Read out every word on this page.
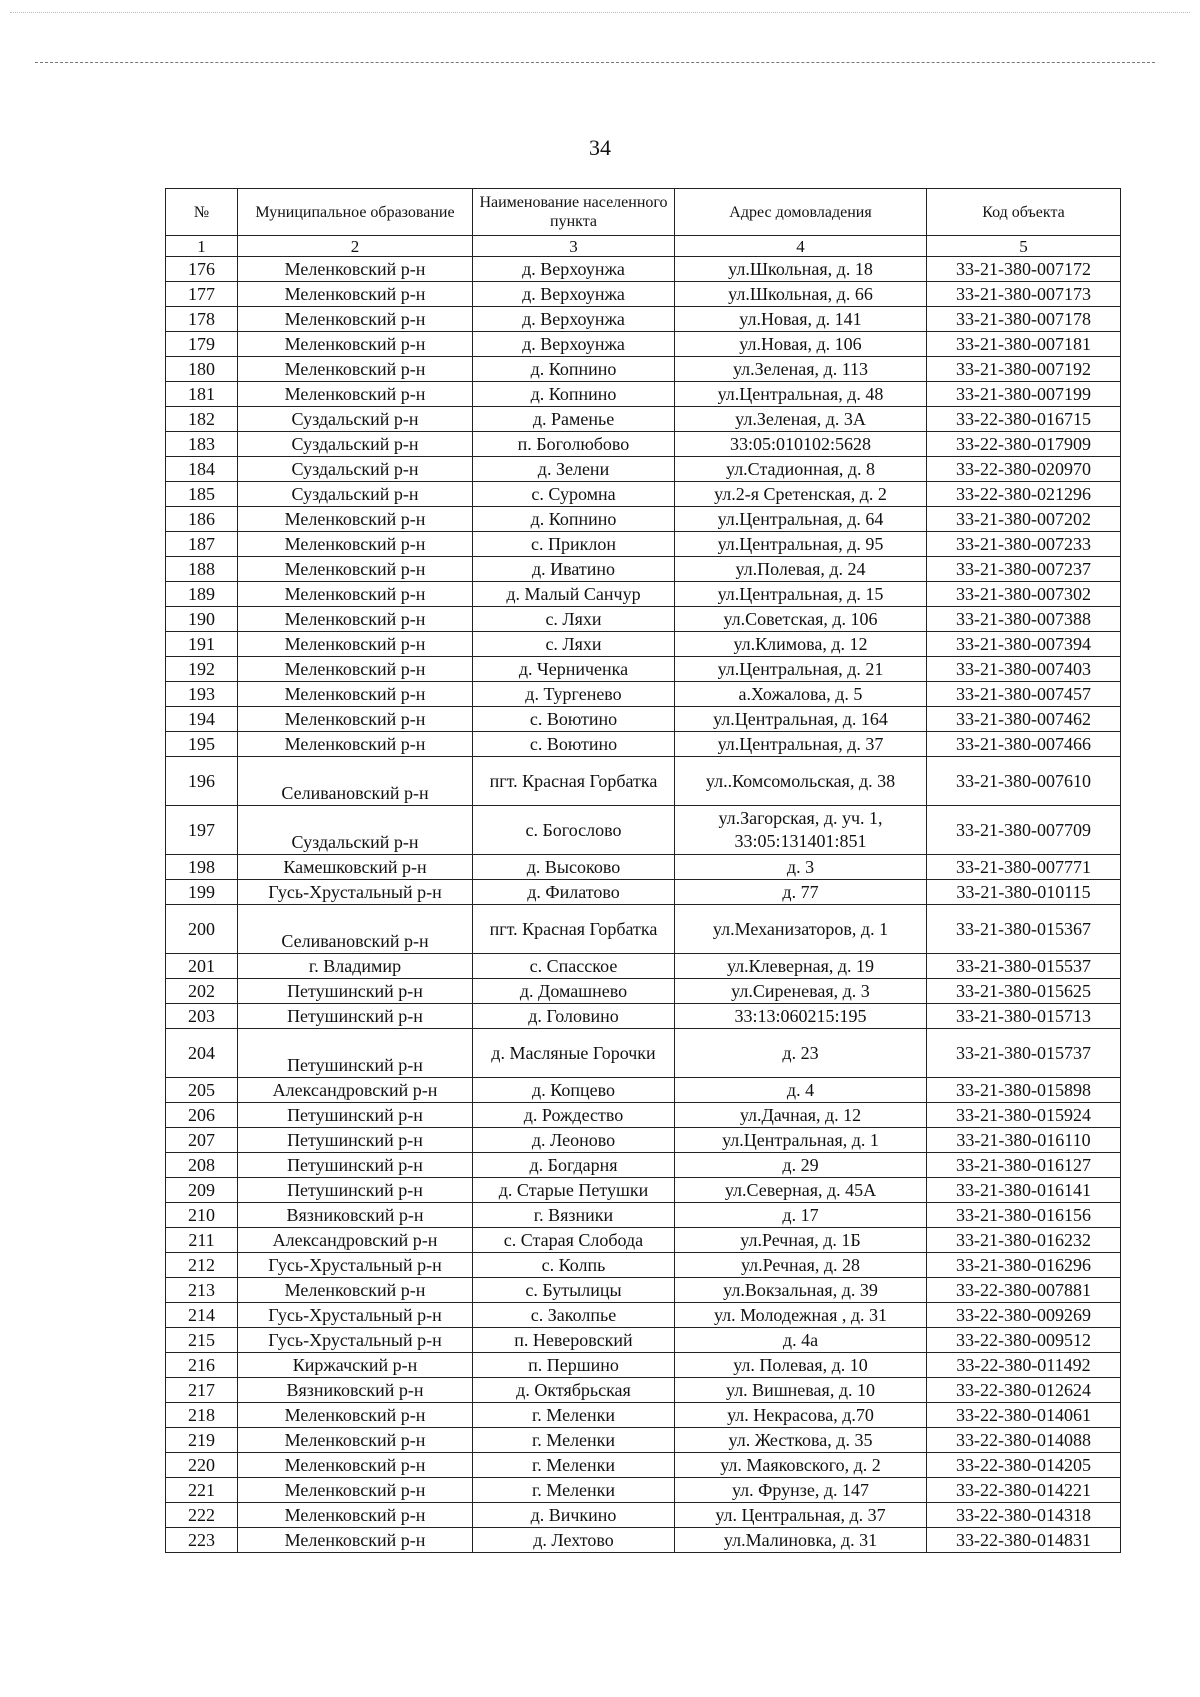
34
№	Муниципальное образование	Наименование населенного пункта	Адрес домовладения	Код объекта
1	2	3	4	5
176	Меленковский р-н	д. Верхоунжа	ул.Школьная, д. 18	33-21-380-007172
177	Меленковский р-н	д. Верхоунжа	ул.Школьная, д. 66	33-21-380-007173
178	Меленковский р-н	д. Верхоунжа	ул.Новая, д. 141	33-21-380-007178
179	Меленковский р-н	д. Верхоунжа	ул.Новая, д. 106	33-21-380-007181
180	Меленковский р-н	д. Копнино	ул.Зеленая, д. 113	33-21-380-007192
181	Меленковский р-н	д. Копнино	ул.Центральная, д. 48	33-21-380-007199
182	Суздальский р-н	д. Раменье	ул.Зеленая, д. 3А	33-22-380-016715
183	Суздальский р-н	п. Боголюбово	33:05:010102:5628	33-22-380-017909
184	Суздальский р-н	д. Зелени	ул.Стадионная, д. 8	33-22-380-020970
185	Суздальский р-н	с. Суромна	ул.2-я Сретенская, д. 2	33-22-380-021296
186	Меленковский р-н	д. Копнино	ул.Центральная, д. 64	33-21-380-007202
187	Меленковский р-н	с. Приклон	ул.Центральная, д. 95	33-21-380-007233
188	Меленковский р-н	д. Иватино	ул.Полевая, д. 24	33-21-380-007237
189	Меленковский р-н	д. Малый Санчур	ул.Центральная, д. 15	33-21-380-007302
190	Меленковский р-н	с. Ляхи	ул.Советская, д. 106	33-21-380-007388
191	Меленковский р-н	с. Ляхи	ул.Климова, д. 12	33-21-380-007394
192	Меленковский р-н	д. Черниченка	ул.Центральная, д. 21	33-21-380-007403
193	Меленковский р-н	д. Тургенево	а.Хожалова, д. 5	33-21-380-007457
194	Меленковский р-н	с. Воютино	ул.Центральная, д. 164	33-21-380-007462
195	Меленковский р-н	с. Воютино	ул.Центральная, д. 37	33-21-380-007466
196	Селивановский р-н	пгт. Красная Горбатка	ул..Комсомольская, д. 38	33-21-380-007610
197	Суздальский р-н	с. Богослово	ул.Загорская, д. уч. 1, 33:05:131401:851	33-21-380-007709
198	Камешковский р-н	д. Высоково	д. 3	33-21-380-007771
199	Гусь-Хрустальный р-н	д. Филатово	д. 77	33-21-380-010115
200	Селивановский р-н	пгт. Красная Горбатка	ул.Механизаторов, д. 1	33-21-380-015367
201	г. Владимир	с. Спасское	ул.Клеверная, д. 19	33-21-380-015537
202	Петушинский р-н	д. Домашнево	ул.Сиреневая, д. 3	33-21-380-015625
203	Петушинский р-н	д. Головино	33:13:060215:195	33-21-380-015713
204	Петушинский р-н	д. Масляные Горочки	д. 23	33-21-380-015737
205	Александровский р-н	д. Копцево	д. 4	33-21-380-015898
206	Петушинский р-н	д. Рождество	ул.Дачная, д. 12	33-21-380-015924
207	Петушинский р-н	д. Леоново	ул.Центральная, д. 1	33-21-380-016110
208	Петушинский р-н	д. Богдарня	д. 29	33-21-380-016127
209	Петушинский р-н	д. Старые Петушки	ул.Северная, д. 45А	33-21-380-016141
210	Вязниковский р-н	г. Вязники	д. 17	33-21-380-016156
211	Александровский р-н	с. Старая Слобода	ул.Речная, д. 1Б	33-21-380-016232
212	Гусь-Хрустальный р-н	с. Колпь	ул.Речная, д. 28	33-21-380-016296
213	Меленковский р-н	с. Бутылицы	ул.Вокзальная, д. 39	33-22-380-007881
214	Гусь-Хрустальный р-н	с. Заколпье	ул. Молодежная , д. 31	33-22-380-009269
215	Гусь-Хрустальный р-н	п. Неверовский	д. 4а	33-22-380-009512
216	Киржачский р-н	п. Першино	ул. Полевая, д. 10	33-22-380-011492
217	Вязниковский р-н	д. Октябрьская	ул. Вишневая, д. 10	33-22-380-012624
218	Меленковский р-н	г. Меленки	ул. Некрасова, д.70	33-22-380-014061
219	Меленковский р-н	г. Меленки	ул. Жесткова, д. 35	33-22-380-014088
220	Меленковский р-н	г. Меленки	ул. Маяковского, д. 2	33-22-380-014205
221	Меленковский р-н	г. Меленки	ул. Фрунзе, д. 147	33-22-380-014221
222	Меленковский р-н	д. Вичкино	ул. Центральная, д. 37	33-22-380-014318
223	Меленковский р-н	д. Лехтово	ул.Малиновка, д. 31	33-22-380-014831
